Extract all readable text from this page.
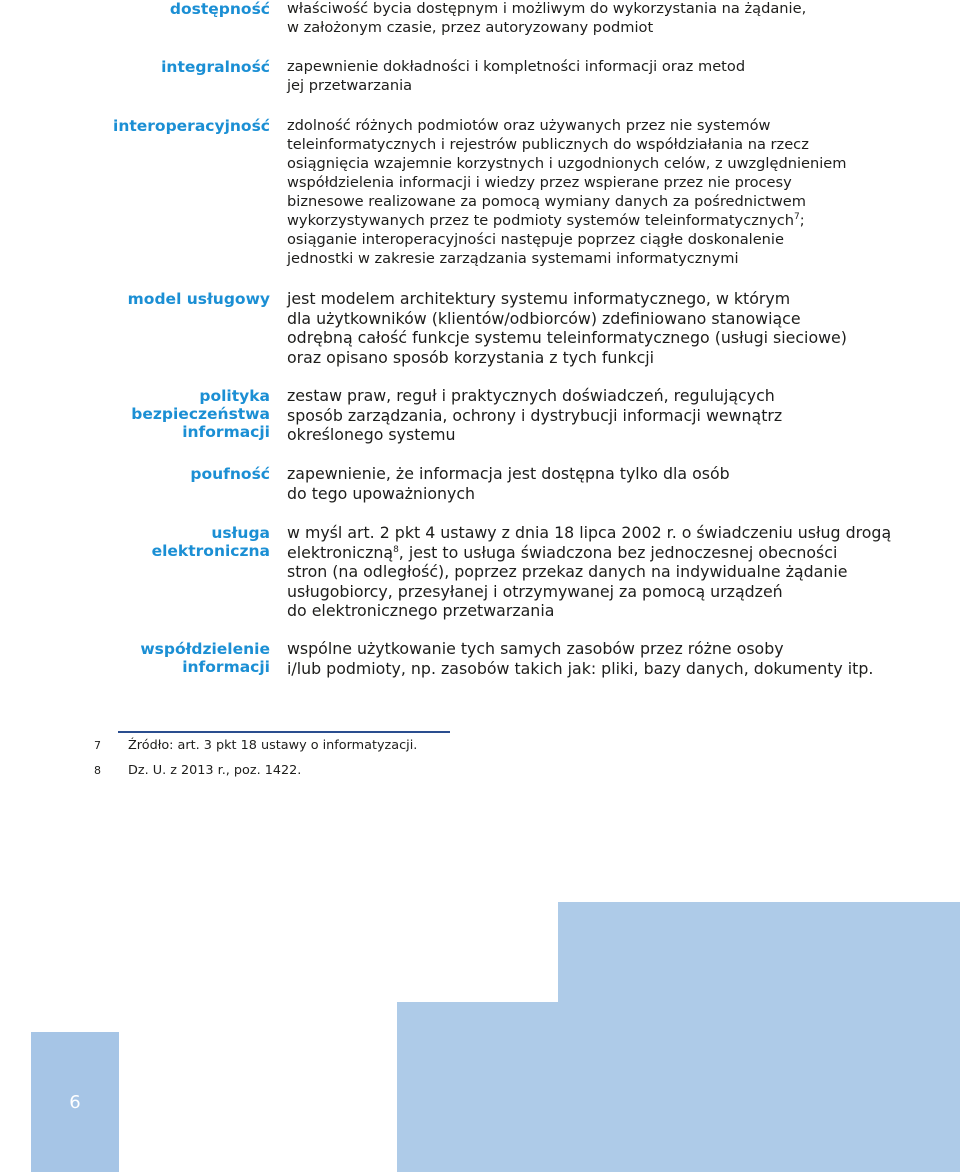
dostępność właściwość bycia dostępnym i możliwym do wykorzystania na żądanie,
w założonym czasie, przez autoryzowany podmiot
integralność zapewnienie dokładności i kompletności informacji oraz metod
jej przetwarzania
interoperacyjność zdolność różnych podmiotów oraz używanych przez nie systemów
teleinformatycznych i rejestrów publicznych do współdziałania na rzecz
osiągnięcia wzajemnie korzystnych i uzgodnionych celów, z uwzględnieniem
współdzielenia informacji i wiedzy przez wspierane przez nie procesy
biznesowe realizowane za pomocą wymiany danych za pośrednictwem
wykorzystywanych przez te podmioty systemów teleinformatycznych$^7$;
osiąganie interoperacyjności następuje poprzez ciągłe doskonalenie
jednostki w zakresie zarządzania systemami informatycznymi
model usługowy jest modelem architektury systemu informatycznego, w którym
dla użytkowników (klientów/odbiorców) zdefiniowano stanowiące
odrębną całość funkcje systemu teleinformatycznego (usługi sieciowe)
oraz opisano sposób korzystania z tych funkcji
polityka
bezpieczeństwa
informacji
zestaw praw, reguł i praktycznych doświadczeń, regulujących
sposób zarządzania, ochrony i dystrybucji informacji wewnątrz
określonego systemu
poufność zapewnienie, że informacja jest dostępna tylko dla osób
do tego upoważnionych
usługa
elektroniczna
w myśl art. 2 pkt 4 ustawy z dnia 18 lipca 2002 r. o świadczeniu usług drogą
elektroniczną$^8$, jest to usługa świadczona bez jednoczesnej obecności
stron (na odległość), poprzez przekaz danych na indywidualne żądanie
usługobiorcy, przesyłanej i otrzymywanej za pomocą urządzeń
do elektronicznego przetwarzania
współdzielenie
informacji
wspólne użytkowanie tych samych zasobów przez różne osoby
i/lub podmioty, np. zasobów takich jak: pliki, bazy danych, dokumenty itp.
7	Źródło: art. 3 pkt 18 ustawy o informatyzacji.
8	Dz. U. z 2013 r., poz. 1422.
6
